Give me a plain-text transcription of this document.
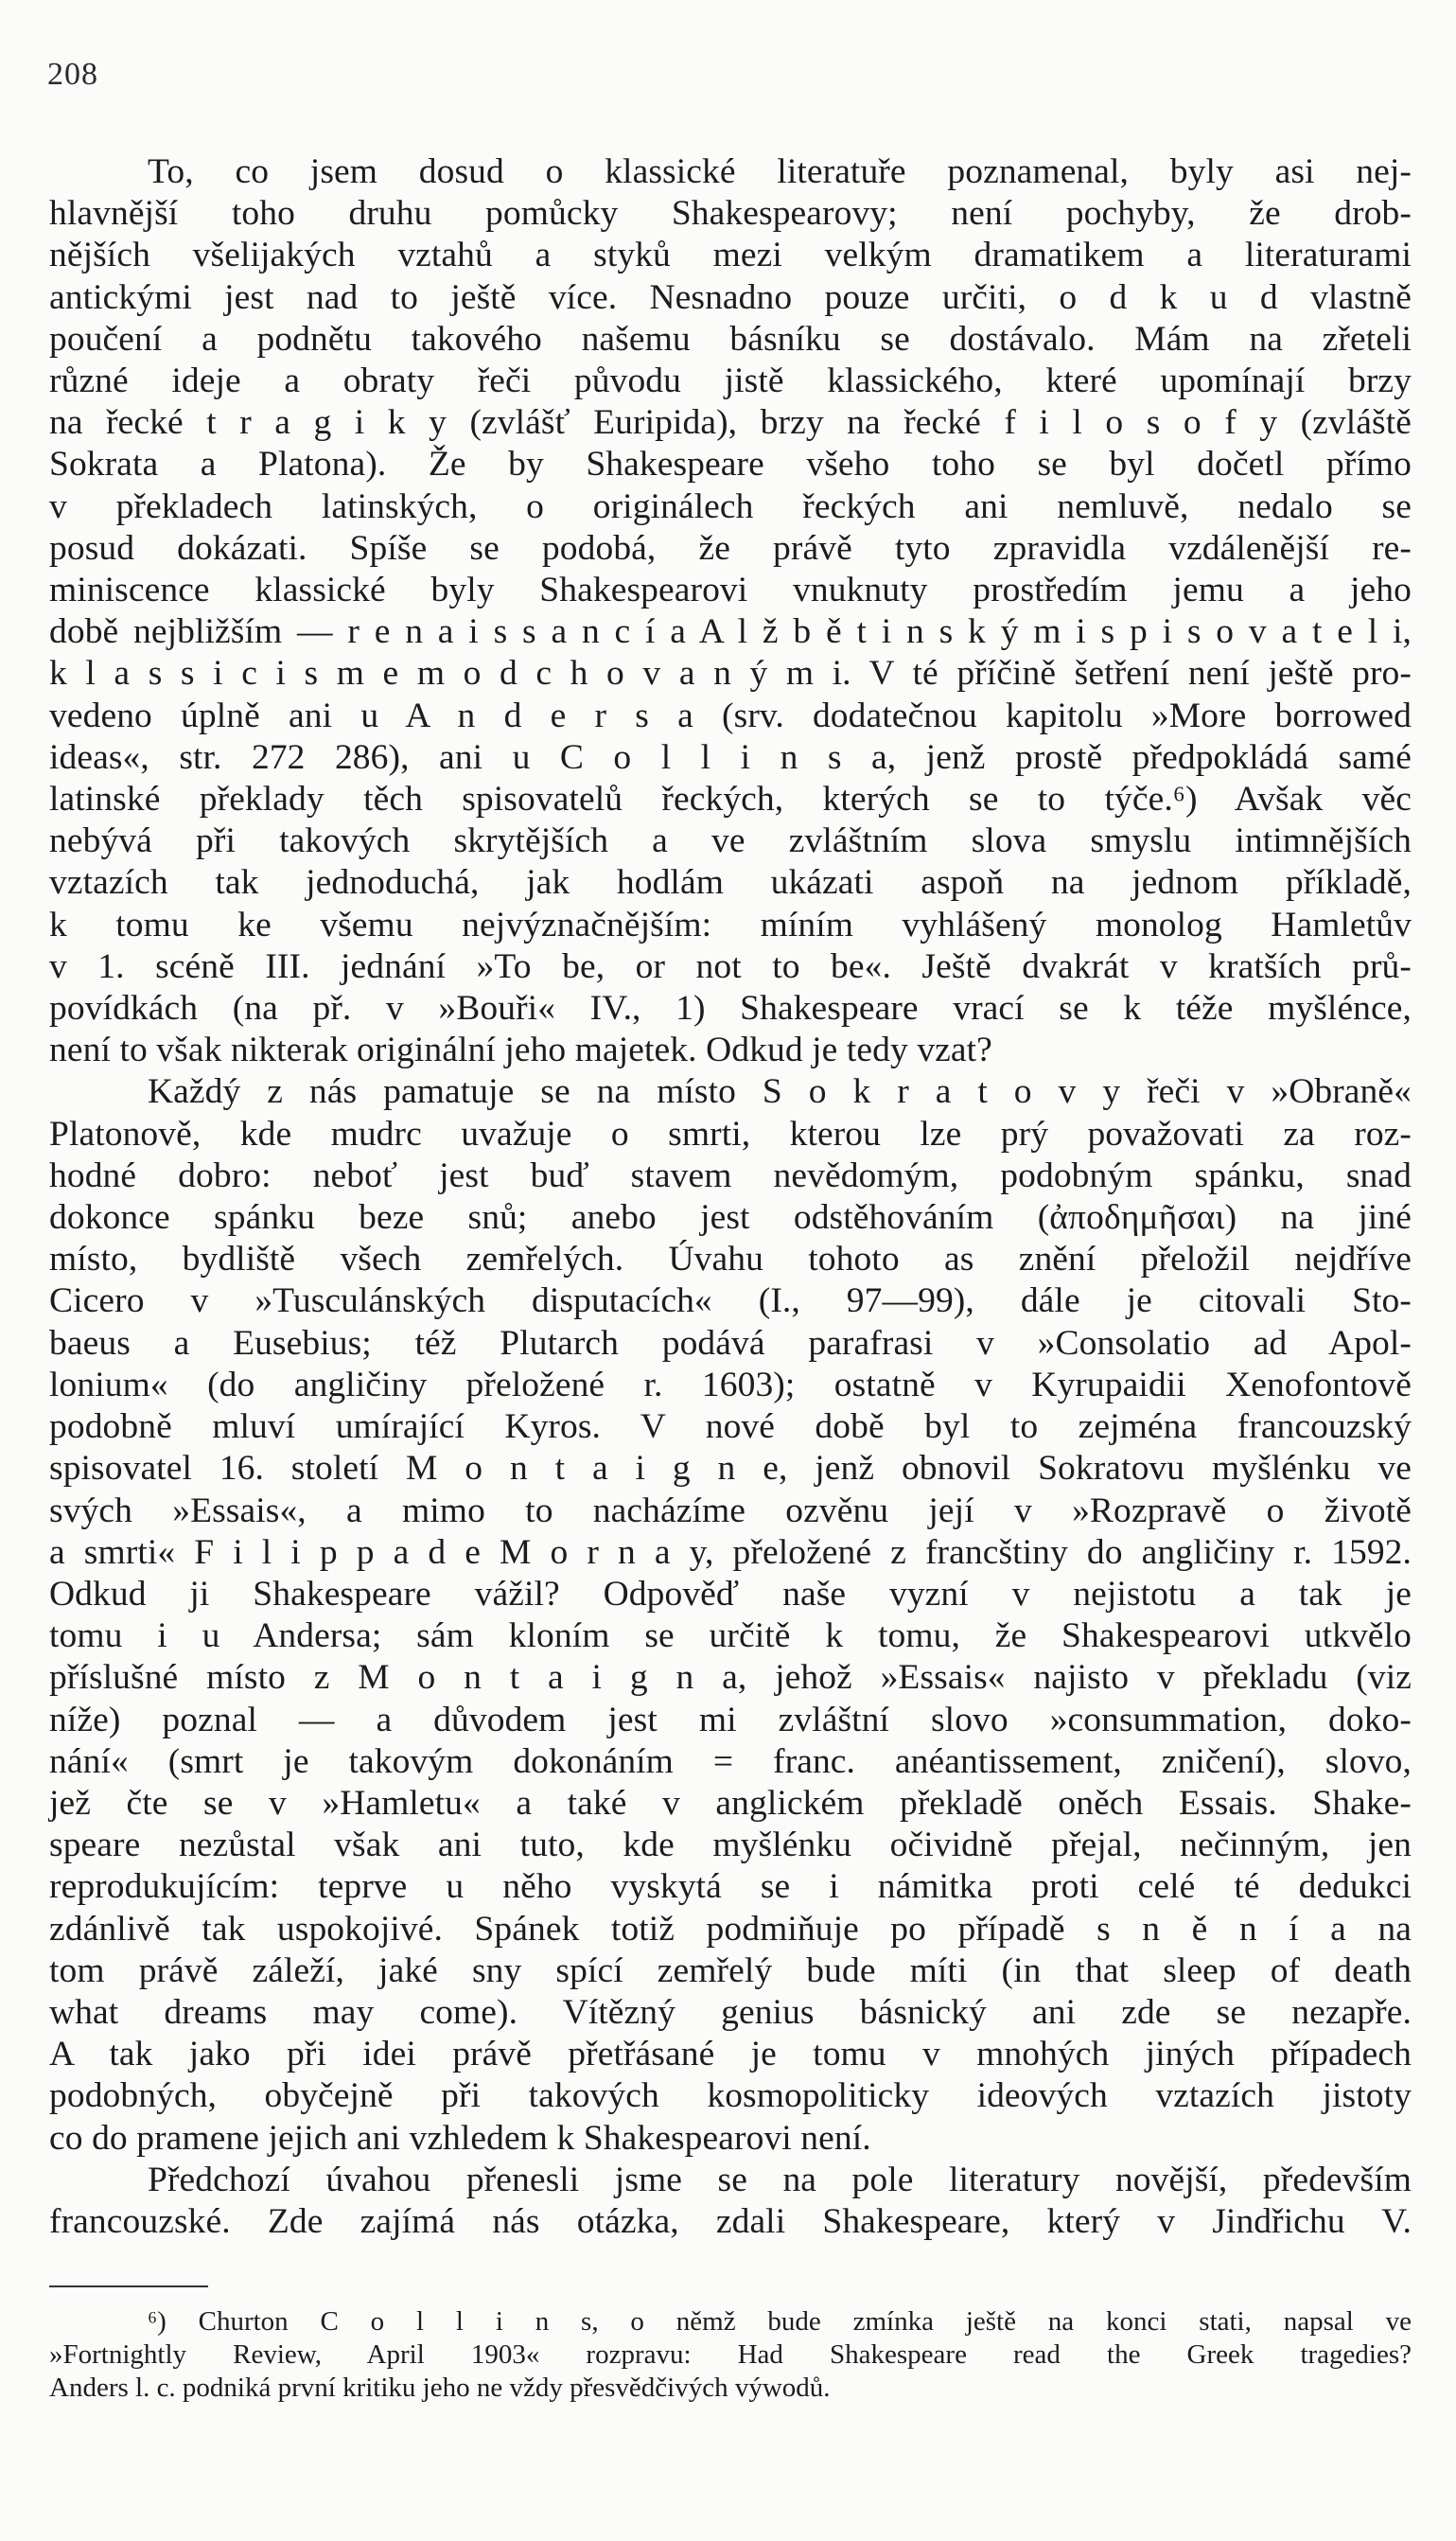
208
To, co jsem dosud o klassické literatuře poznamenal, byly asi nej-
hlavnější toho druhu pomůcky Shakespearovy; není pochyby, že drob-
nějších všelijakých vztahů a styků mezi velkým dramatikem a literaturami
antickými jest nad to ještě více. Nesnadno pouze určiti, o d k u d vlastně
poučení a podnětu takového našemu básníku se dostávalo. Mám na zřeteli
různé ideje a obraty řeči původu jistě klassického, které upomínají brzy
na řecké t r a g i k y (zvlášť Euripida), brzy na řecké f i l o s o f y (zvláště
Sokrata a Platona). Že by Shakespeare všeho toho se byl dočetl přímo
v překladech latinských, o originálech řeckých ani nemluvě, nedalo se
posud dokázati. Spíše se podobá, že právě tyto zpravidla vzdálenější re-
miniscence klassické byly Shakespearovi vnuknuty prostředím jemu a jeho
době nejbližším — r e n a i s s a n c í a A l ž b ě t i n s k ý m i s p i s o v a t e l i,
k l a s s i c i s m e m o d c h o v a n ý m i. V té příčině šetření není ještě pro-
vedeno úplně ani u A n d e r s a (srv. dodatečnou kapitolu »More borrowed
ideas«, str. 272 286), ani u C o l l i n s a, jenž prostě předpokládá samé
latinské překlady těch spisovatelů řeckých, kterých se to týče.⁶) Avšak věc
nebývá při takových skrytějších a ve zvláštním slova smyslu intimnějších
vztazích tak jednoduchá, jak hodlám ukázati aspoň na jednom příkladě,
k tomu ke všemu nejvýznačnějším: míním vyhlášený monolog Hamletův
v 1. scéně III. jednání »To be, or not to be«. Ještě dvakrát v kratších prů-
povídkách (na př. v »Bouři« IV., 1) Shakespeare vrací se k téže myšlénce,
není to však nikterak originální jeho majetek. Odkud je tedy vzat?
Každý z nás pamatuje se na místo S o k r a t o v y řeči v »Obraně«
Platonově, kde mudrc uvažuje o smrti, kterou lze prý považovati za roz-
hodné dobro: neboť jest buď stavem nevědomým, podobným spánku, snad
dokonce spánku beze snů; anebo jest odstěhováním (ἀποδημῆσαι) na jiné
místo, bydliště všech zemřelých. Úvahu tohoto as znění přeložil nejdříve
Cicero v »Tusculánských disputacích« (I., 97—99), dále je citovali Sto-
baeus a Eusebius; též Plutarch podává parafrasi v »Consolatio ad Apol-
lonium« (do angličiny přeložené r. 1603); ostatně v Kyrupaidii Xenofontově
podobně mluví umírající Kyros. V nové době byl to zejména francouzský
spisovatel 16. století M o n t a i g n e, jenž obnovil Sokratovu myšlénku ve
svých »Essais«, a mimo to nacházíme ozvěnu její v »Rozpravě o životě
a smrti« F i l i p p a d e M o r n a y, přeložené z francštiny do angličiny r. 1592.
Odkud ji Shakespeare vážil? Odpověď naše vyzní v nejistotu a tak je
tomu i u Andersa; sám kloním se určitě k tomu, že Shakespearovi utkvělo
příslušné místo z M o n t a i g n a, jehož »Essais« najisto v překladu (viz
níže) poznal — a důvodem jest mi zvláštní slovo »consummation, doko-
nání« (smrt je takovým dokonáním = franc. anéantissement, zničení), slovo,
jež čte se v »Hamletu« a také v anglickém překladě oněch Essais. Shake-
speare nezůstal však ani tuto, kde myšlénku očividně přejal, nečinným, jen
reprodukujícím: teprve u něho vyskytá se i námitka proti celé té dedukci
zdánlivě tak uspokojivé. Spánek totiž podmiňuje po případě s n ě n í a na
tom právě záleží, jaké sny spící zemřelý bude míti (in that sleep of death
what dreams may come). Vítězný genius básnický ani zde se nezapře.
A tak jako při idei právě přetřásané je tomu v mnohých jiných případech
podobných, obyčejně při takových kosmopoliticky ideových vztazích jistoty
co do pramene jejich ani vzhledem k Shakespearovi není.
Předchozí úvahou přenesli jsme se na pole literatury novější, především
francouzské. Zde zajímá nás otázka, zdali Shakespeare, který v Jindřichu V.
⁶) Churton C o l l i n s, o němž bude zmínka ještě na konci stati, napsal ve
»Fortnightly Review, April 1903« rozpravu: Had Shakespeare read the Greek tragedies?
Anders l. c. podniká první kritiku jeho ne vždy přesvědčivých výwodů.
